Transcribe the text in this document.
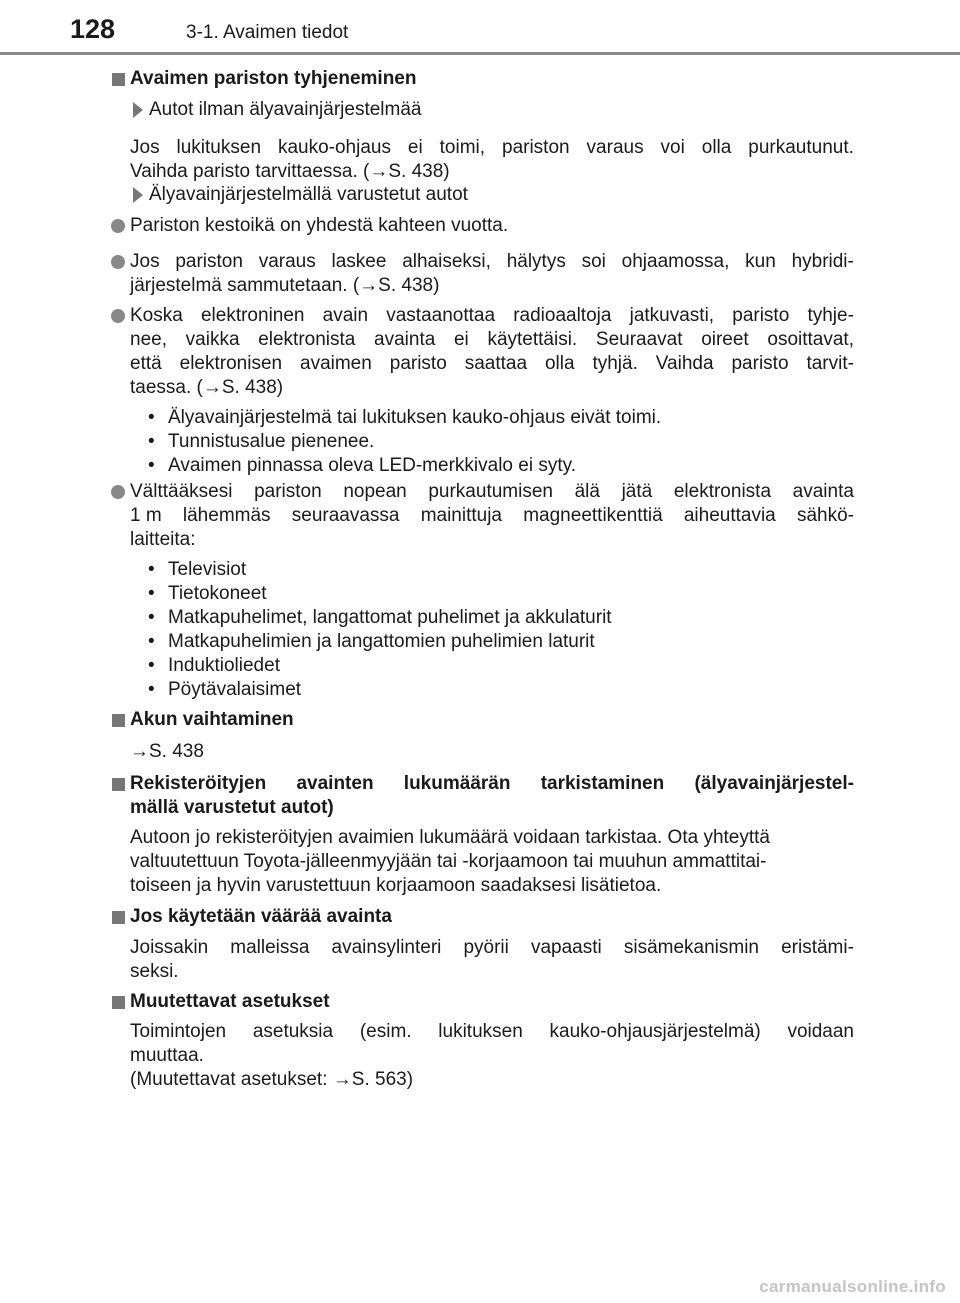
128	3-1. Avaimen tiedot
Avaimen pariston tyhjeneminen
Autot ilman älyavainjärjestelmää
Jos lukituksen kauko-ohjaus ei toimi, pariston varaus voi olla purkautunut.
Vaihda paristo tarvittaessa. (→S. 438)
Älyavainjärjestelmällä varustetut autot
Pariston kestoikä on yhdestä kahteen vuotta.
Jos pariston varaus laskee alhaiseksi, hälytys soi ohjaamossa, kun hybridi-
järjestelmä sammutetaan. (→S. 438)
Koska elektroninen avain vastaanottaa radioaaltoja jatkuvasti, paristo tyhje-
nee, vaikka elektronista avainta ei käytettäisi. Seuraavat oireet osoittavat,
että elektronisen avaimen paristo saattaa olla tyhjä. Vaihda paristo tarvit-
taessa. (→S. 438)
• Älyavainjärjestelmä tai lukituksen kauko-ohjaus eivät toimi.
• Tunnistusalue pienenee.
• Avaimen pinnassa oleva LED-merkkivalo ei syty.
Välttääksesi pariston nopean purkautumisen älä jätä elektronista avainta
1 m lähemmäs seuraavassa mainittuja magneettikenttiä aiheuttavia sähkö-
laitteita:
• Televisiot
• Tietokoneet
• Matkapuhelimet, langattomat puhelimet ja akkulaturit
• Matkapuhelimien ja langattomien puhelimien laturit
• Induktioliedet
• Pöytävalaisimet
Akun vaihtaminen
→S. 438
Rekisteröityjen avainten lukumäärän tarkistaminen (älyavainjärjestel-
mällä varustetut autot)
Autoon jo rekisteröityjen avaimien lukumäärä voidaan tarkistaa. Ota yhteyttä
valtuutettuun Toyota-jälleenmyyjään tai -korjaamoon tai muuhun ammattitai-
toiseen ja hyvin varustettuun korjaamoon saadaksesi lisätietoa.
Jos käytetään väärää avainta
Joissakin malleissa avainsylinteri pyörii vapaasti sisämekanismin eristämi-
seksi.
Muutettavat asetukset
Toimintojen asetuksia (esim. lukituksen kauko-ohjausjärjestelmä) voidaan
muuttaa.
(Muutettavat asetukset: →S. 563)
carmanualsonline.info
